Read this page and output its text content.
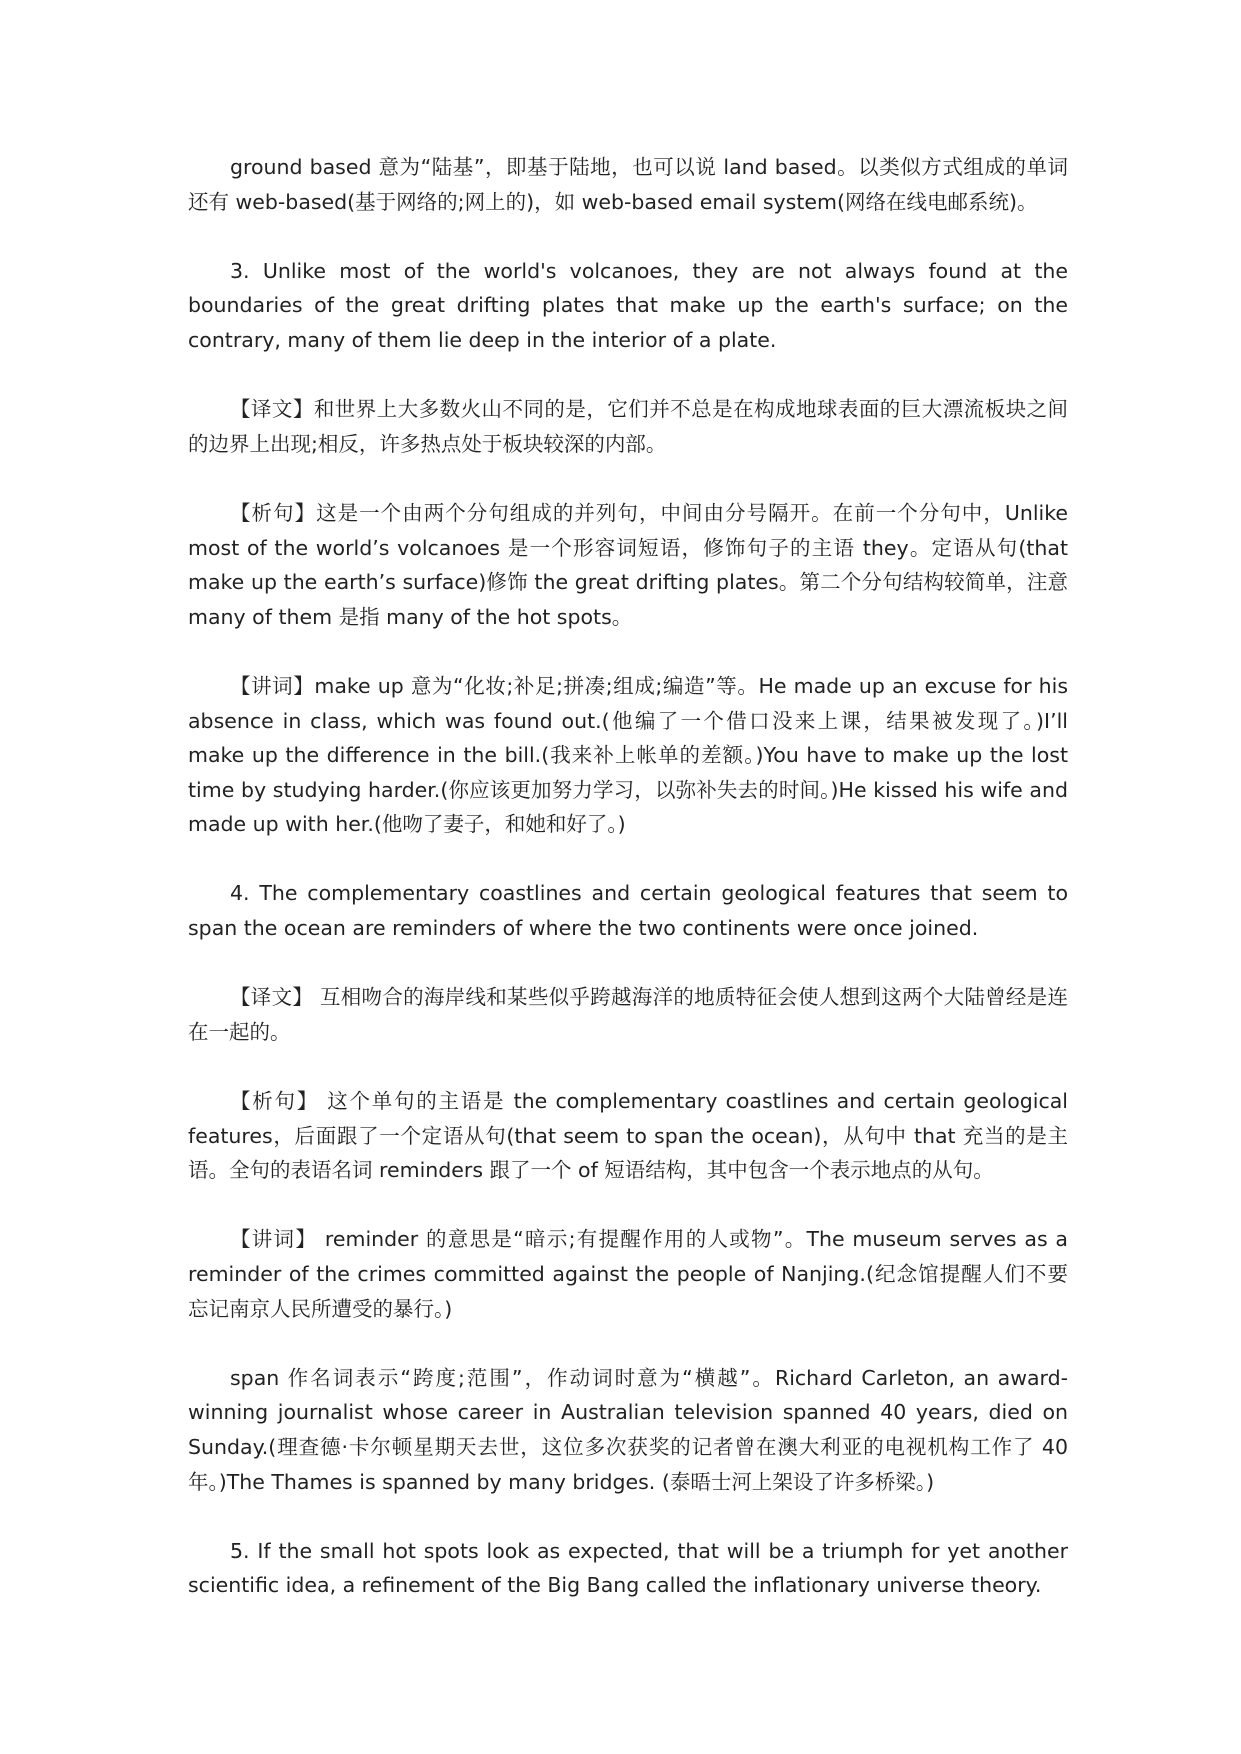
ground based 意为“陆基”，即基于陆地，也可以说 land based。以类似方式组成的单词还有 web-based(基于网络的;网上的)，如 web-based email system(网络在线电邮系统)。

3. Unlike most of the world's volcanoes, they are not always found at the boundaries of the great drifting plates that make up the earth's surface; on the contrary, many of them lie deep in the interior of a plate.

【译文】和世界上大多数火山不同的是，它们并不总是在构成地球表面的巨大漂流板块之间的边界上出现;相反，许多热点处于板块较深的内部。

【析句】这是一个由两个分句组成的并列句，中间由分号隔开。在前一个分句中，Unlike most of the world’s volcanoes 是一个形容词短语，修饰句子的主语 they。定语从句(that make up the earth’s surface)修饰 the great drifting plates。第二个分句结构较简单，注意 many of them 是指 many of the hot spots。

【讲词】make up 意为“化妆;补足;拼凑;组成;编造”等。He made up an excuse for his absence in class, which was found out.(他编了一个借口没来上课，结果被发现了。)I’ll make up the difference in the bill.(我来补上帐单的差额。)You have to make up the lost time by studying harder.(你应该更加努力学习，以弥补失去的时间。)He kissed his wife and made up with her.(他吻了妻子，和她和好了。)

4. The complementary coastlines and certain geological features that seem to span the ocean are reminders of where the two continents were once joined.

【译文】 互相吻合的海岸线和某些似乎跨越海洋的地质特征会使人想到这两个大陆曾经是连在一起的。

【析句】 这个单句的主语是 the complementary coastlines and certain geological features，后面跟了一个定语从句(that seem to span the ocean)，从句中 that 充当的是主语。全句的表语名词 reminders 跟了一个 of 短语结构，其中包含一个表示地点的从句。

【讲词】 reminder 的意思是“暗示;有提醒作用的人或物”。The museum serves as a reminder of the crimes committed against the people of Nanjing.(纪念馆提醒人们不要忘记南京人民所遭受的暴行。)

span 作名词表示“跨度;范围”，作动词时意为“横越”。Richard Carleton, an award-winning journalist whose career in Australian television spanned 40 years, died on Sunday.(理查德·卡尔顿星期天去世，这位多次获奖的记者曾在澳大利亚的电视机构工作了 40 年。)The Thames is spanned by many bridges. (泰晤士河上架设了许多桥梁。)

5. If the small hot spots look as expected, that will be a triumph for yet another scientific idea, a refinement of the Big Bang called the inflationary universe theory.
